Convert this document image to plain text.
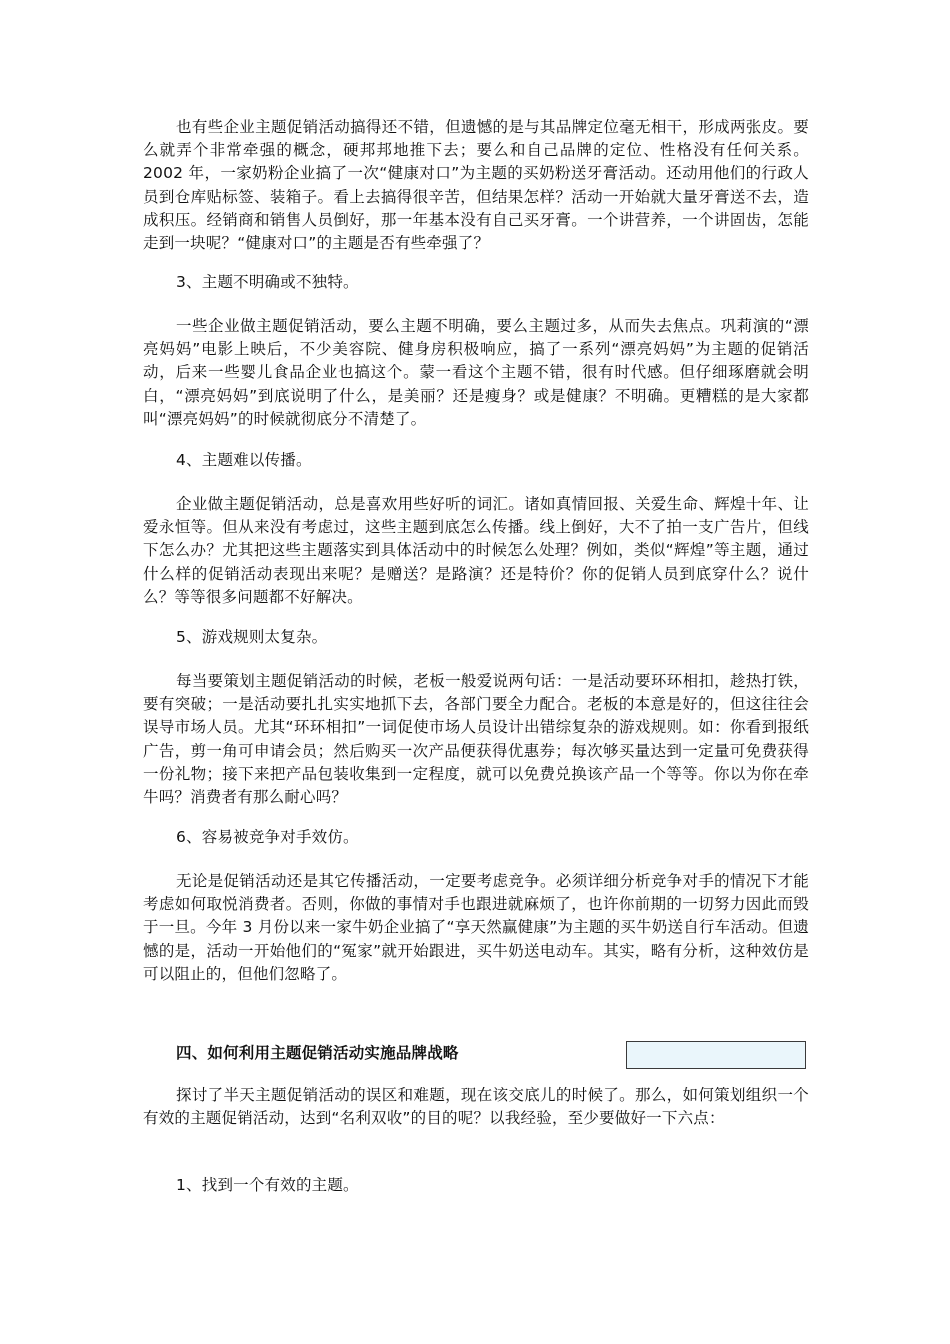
也有些企业主题促销活动搞得还不错，但遗憾的是与其品牌定位毫无相干，形成两张皮。要么就弄个非常牵强的概念，硬邦邦地推下去；要么和自己品牌的定位、性格没有任何关系。2002 年，一家奶粉企业搞了一次“健康对口”为主题的买奶粉送牙膏活动。还动用他们的行政人员到仓库贴标签、装箱子。看上去搞得很辛苦，但结果怎样？活动一开始就大量牙膏送不去，造成积压。经销商和销售人员倒好，那一年基本没有自己买牙膏。一个讲营养，一个讲固齿，怎能走到一块呢？“健康对口”的主题是否有些牵强了？

3、主题不明确或不独特。

一些企业做主题促销活动，要么主题不明确，要么主题过多，从而失去焦点。巩莉演的“漂亮妈妈”电影上映后，不少美容院、健身房积极响应，搞了一系列“漂亮妈妈”为主题的促销活动，后来一些婴儿食品企业也搞这个。蒙一看这个主题不错，很有时代感。但仔细琢磨就会明白，“漂亮妈妈”到底说明了什么，是美丽？还是瘦身？或是健康？不明确。更糟糕的是大家都叫“漂亮妈妈”的时候就彻底分不清楚了。

4、主题难以传播。

企业做主题促销活动，总是喜欢用些好听的词汇。诸如真情回报、关爱生命、辉煌十年、让爱永恒等。但从来没有考虑过，这些主题到底怎么传播。线上倒好，大不了拍一支广告片，但线下怎么办？尤其把这些主题落实到具体活动中的时候怎么处理？例如，类似“辉煌”等主题，通过什么样的促销活动表现出来呢？是赠送？是路演？还是特价？你的促销人员到底穿什么？说什么？等等很多问题都不好解决。

5、游戏规则太复杂。

每当要策划主题促销活动的时候，老板一般爱说两句话：一是活动要环环相扣，趁热打铁，要有突破；一是活动要扎扎实实地抓下去，各部门要全力配合。老板的本意是好的，但这往往会误导市场人员。尤其“环环相扣”一词促使市场人员设计出错综复杂的游戏规则。如：你看到报纸广告，剪一角可申请会员；然后购买一次产品便获得优惠券；每次够买量达到一定量可免费获得一份礼物；接下来把产品包装收集到一定程度，就可以免费兑换该产品一个等等。你以为你在牵牛吗？消费者有那么耐心吗？

6、容易被竞争对手效仿。

无论是促销活动还是其它传播活动，一定要考虑竞争。必须详细分析竞争对手的情况下才能考虑如何取悦消费者。否则，你做的事情对手也跟进就麻烦了，也许你前期的一切努力因此而毁于一旦。今年 3 月份以来一家牛奶企业搞了“享天然赢健康”为主题的买牛奶送自行车活动。但遗憾的是，活动一开始他们的“冤家”就开始跟进，买牛奶送电动车。其实，略有分析，这种效仿是可以阻止的，但他们忽略了。

四、如何利用主题促销活动实施品牌战略

探讨了半天主题促销活动的误区和难题，现在该交底儿的时候了。那么，如何策划组织一个有效的主题促销活动，达到“名利双收”的目的呢？以我经验，至少要做好一下六点：

1、找到一个有效的主题。
